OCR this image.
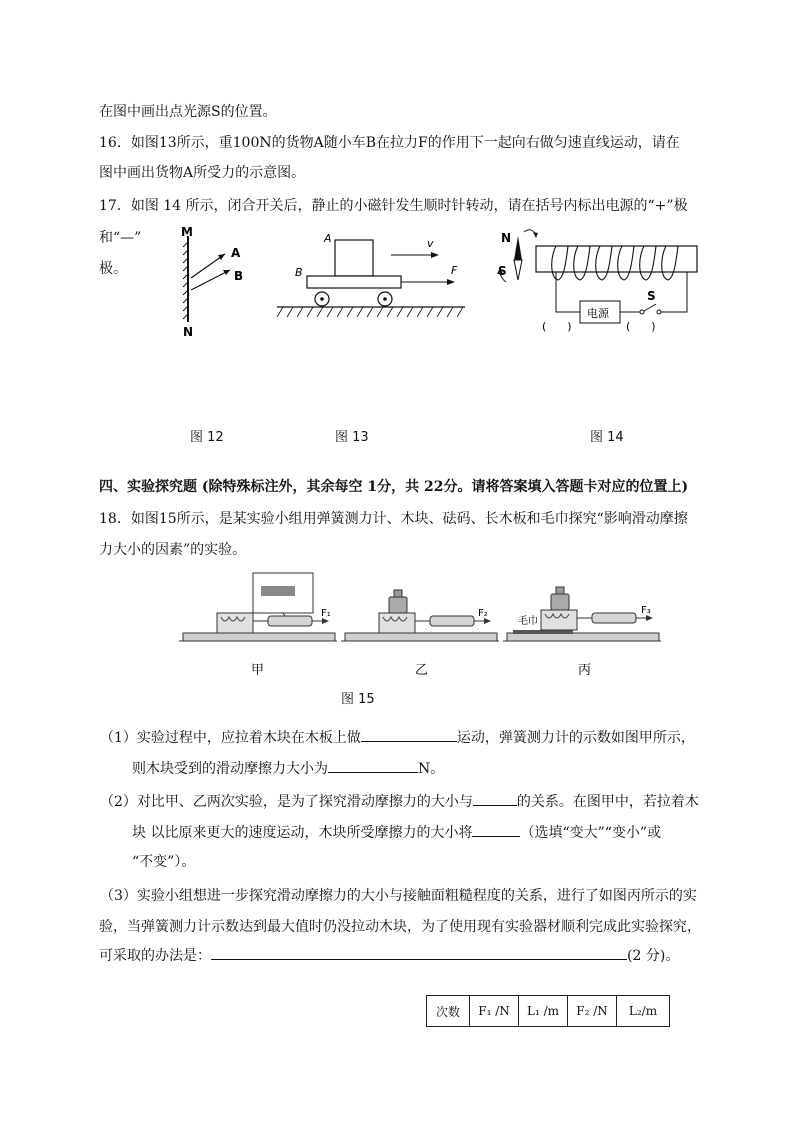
在图中画出点光源S的位置。
16．如图13所示，重100N的货物A随小车B在拉力F的作用下一起向右做匀速直线运动，请在
图中画出货物A所受力的示意图。
17．如图 14 所示，闭合开关后，静止的小磁针发生顺时针转动，请在括号内标出电源的“+”极
和“—”
极。
M
A
B
N
A
B
v
F
N
S
电源
S
(      )	(      )
图 12	图 13	图 14
四、实验探究题 (除特殊标注外，其余每空 1分，共 22分。请将答案填入答题卡对应的位置上)
18．如图15所示，是某实验小组用弹簧测力计、木块、砝码、长木板和毛巾探究“影响滑动摩擦
力大小的因素”的实验。
F₁
甲
F₂
乙
毛巾
F₃
丙
图 15
（1）实验过程中，应拉着木块在木板上做	运动，弹簧测力计的示数如图甲所示，
则木块受到的滑动摩擦力大小为	N。
（2）对比甲、乙两次实验，是为了探究滑动摩擦力的大小与	的关系。在图甲中，若拉着木
块 以比原来更大的速度运动，木块所受摩擦力的大小将	（选填“变大”“变小”或
“不变”）。
（3）实验小组想进一步探究滑动摩擦力的大小与接触面粗糙程度的关系，进行了如图丙所示的实
验，当弹簧测力计示数达到最大值时仍没拉动木块，为了使用现有实验器材顺利完成此实验探究，
可采取的办法是：	(2 分)。
次数	F₁ /N	L₁ /m	F₂ /N	L₂/m
